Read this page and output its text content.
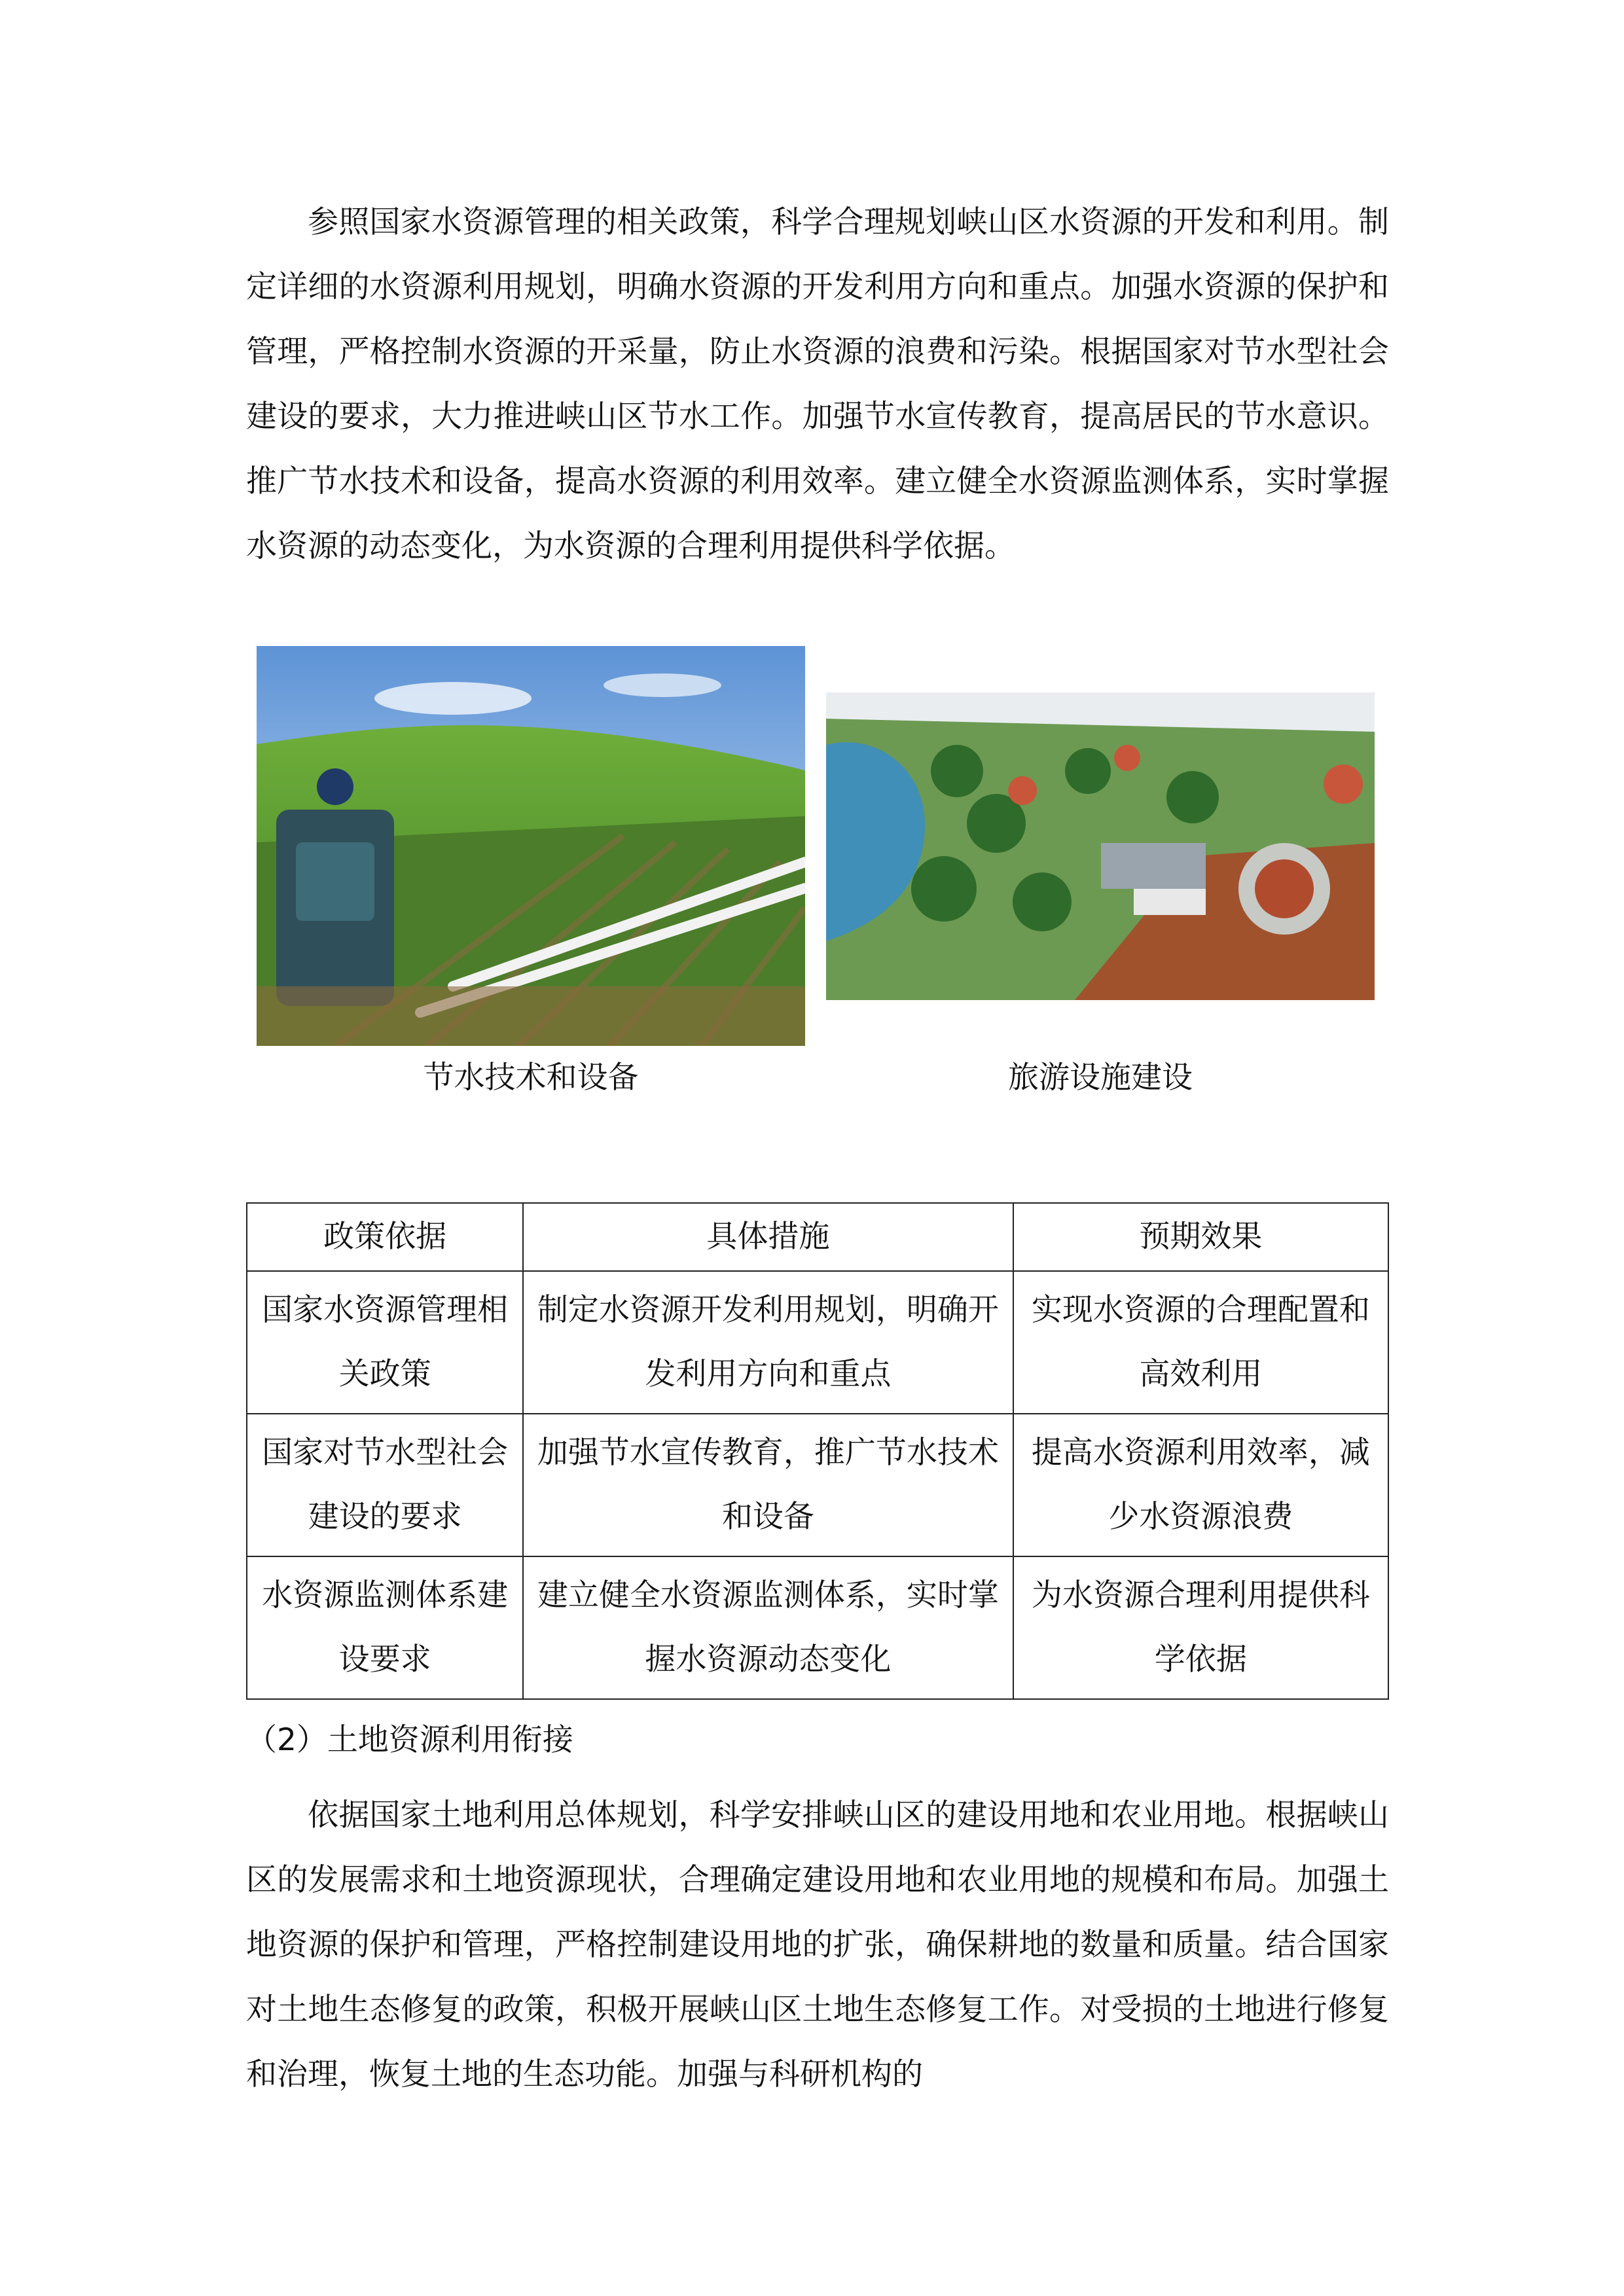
参照国家水资源管理的相关政策，科学合理规划峡山区水资源的开发和利用。制定详细的水资源利用规划，明确水资源的开发利用方向和重点。加强水资源的保护和管理，严格控制水资源的开采量，防止水资源的浪费和污染。根据国家对节水型社会建设的要求，大力推进峡山区节水工作。加强节水宣传教育，提高居民的节水意识。推广节水技术和设备，提高水资源的利用效率。建立健全水资源监测体系，实时掌握水资源的动态变化，为水资源的合理利用提供科学依据。

节水技术和设备	旅游设施建设
政策依据	具体措施	预期效果
国家水资源管理相关政策	制定水资源开发利用规划，明确开发利用方向和重点	实现水资源的合理配置和高效利用
国家对节水型社会建设的要求	加强节水宣传教育，推广节水技术和设备	提高水资源利用效率，减少水资源浪费
水资源监测体系建设要求	建立健全水资源监测体系，实时掌握水资源动态变化	为水资源合理利用提供科学依据

（2）土地资源利用衔接

依据国家土地利用总体规划，科学安排峡山区的建设用地和农业用地。根据峡山区的发展需求和土地资源现状，合理确定建设用地和农业用地的规模和布局。加强土地资源的保护和管理，严格控制建设用地的扩张，确保耕地的数量和质量。结合国家对土地生态修复的政策，积极开展峡山区土地生态修复工作。对受损的土地进行修复和治理，恢复土地的生态功能。加强与科研机构的
